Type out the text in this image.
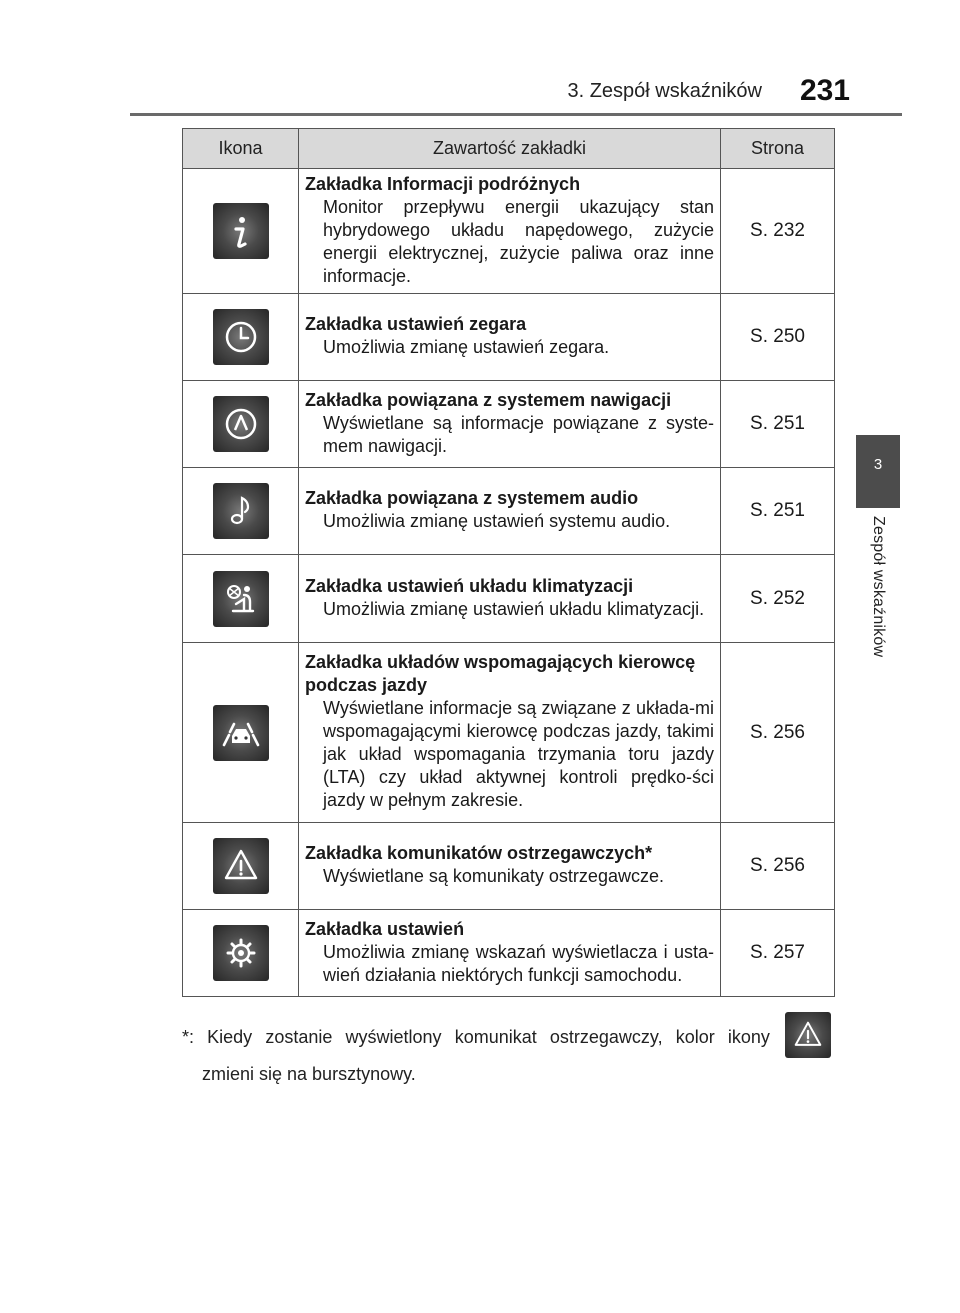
3. Zespół wskaźników	231
3
Zespół wskaźników
Ikona	Zawartość zakładki	Strona

Zakładka Informacji podróżnych
Monitor przepływu energii ukazujący stan hybrydowego układu napędowego, zużycie energii elektrycznej, zużycie paliwa oraz inne informacje.	S. 232

Zakładka ustawień zegara
Umożliwia zmianę ustawień zegara.	S. 250

Zakładka powiązana z systemem nawigacji
Wyświetlane są informacje powiązane z syste-mem nawigacji.	S. 251

Zakładka powiązana z systemem audio
Umożliwia zmianę ustawień systemu audio.	S. 251

Zakładka ustawień układu klimatyzacji
Umożliwia zmianę ustawień układu klimatyzacji.	S. 252

Zakładka układów wspomagających kierowcę podczas jazdy
Wyświetlane informacje są związane z układa-mi wspomagającymi kierowcę podczas jazdy, takimi jak układ wspomagania trzymania toru jazdy (LTA) czy układ aktywnej kontroli prędko-ści jazdy w pełnym zakresie.	S. 256

Zakładka komunikatów ostrzegawczych*
Wyświetlane są komunikaty ostrzegawcze.	S. 256

Zakładka ustawień
Umożliwia zmianę wskazań wyświetlacza i usta-wień działania niektórych funkcji samochodu.	S. 257
*: Kiedy zostanie wyświetlony komunikat ostrzegawczy, kolor ikony
zmieni się na bursztynowy.
